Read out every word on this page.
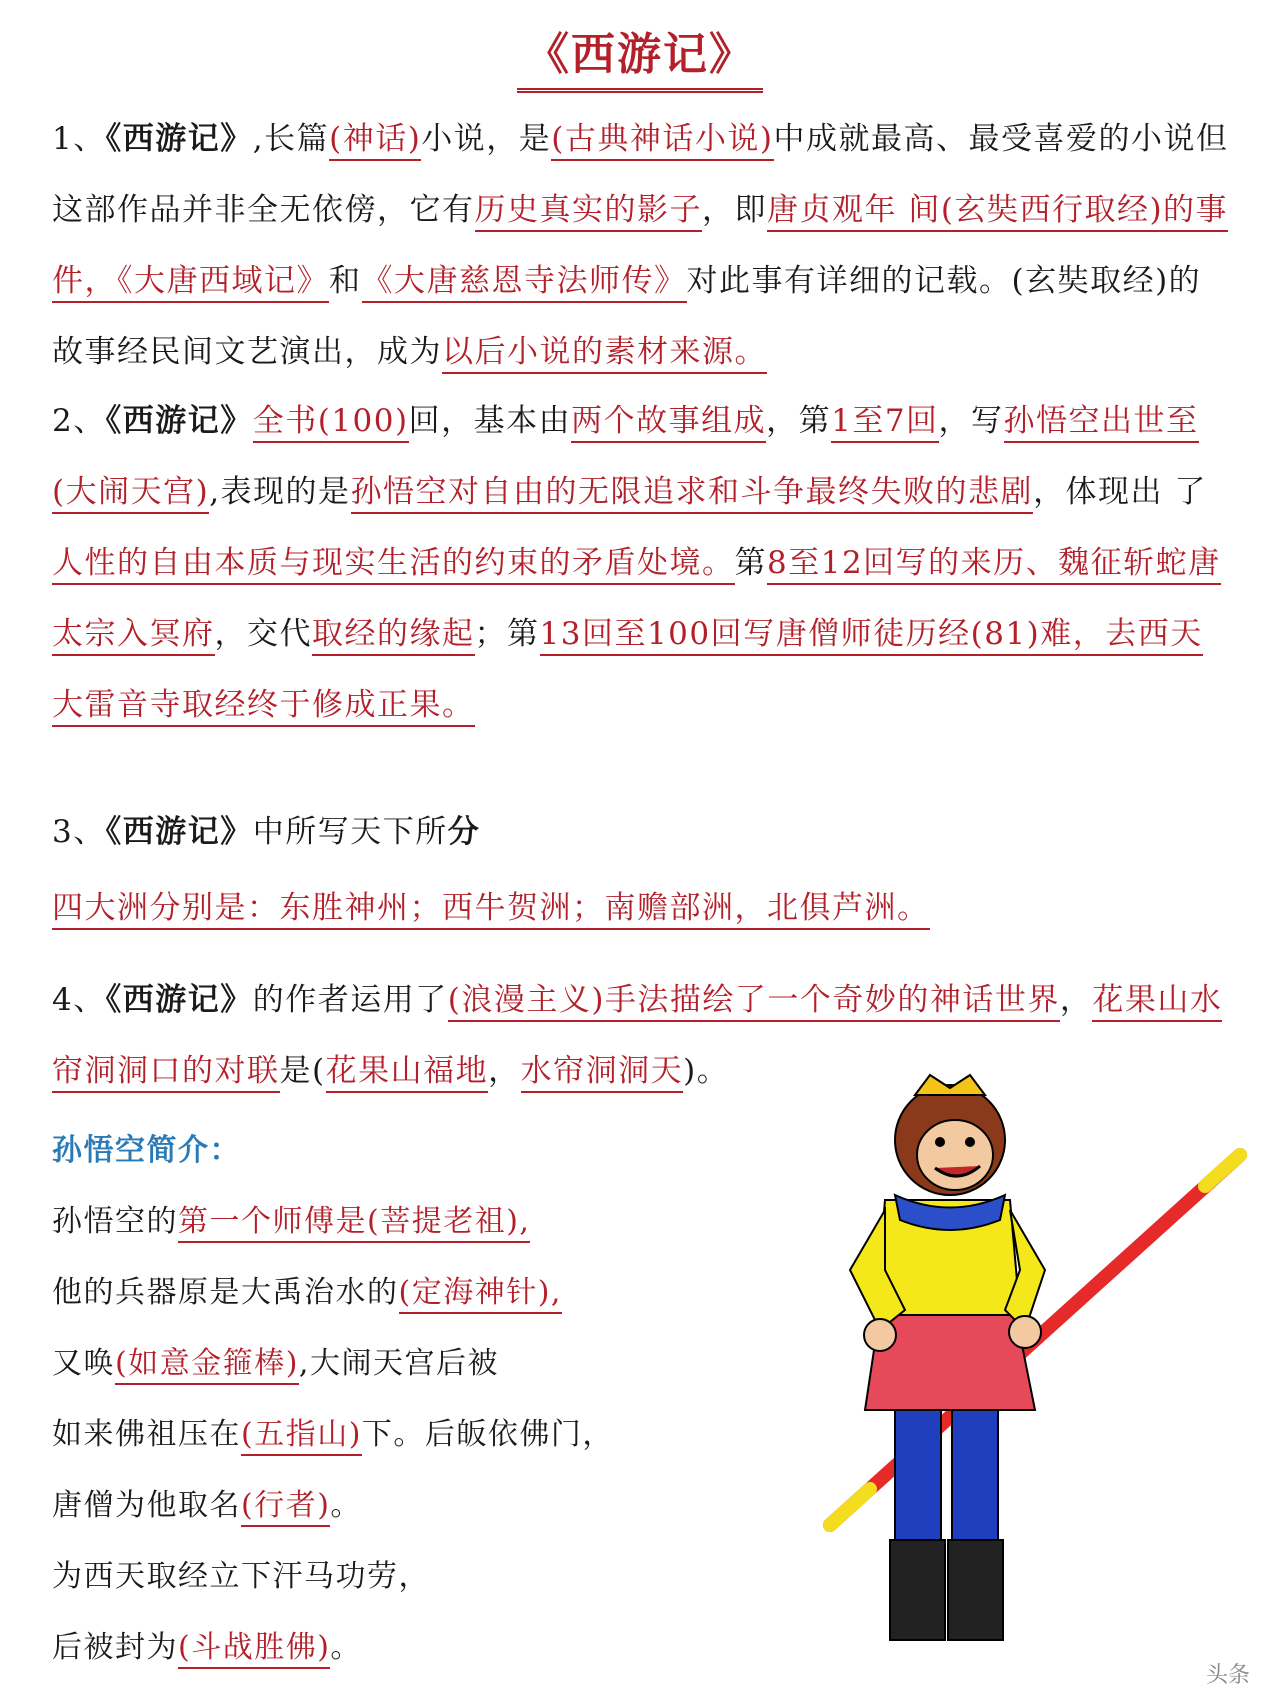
《西游记》
1、《西游记》,长篇(神话)小说，是(古典神话小说)中成就最高、最受喜爱的小说但这部作品并非全无依傍，它有历史真实的影子，即唐贞观年 间(玄奘西行取经)的事件，《大唐西域记》和《大唐慈恩寺法师传》对此事有详细的记载。(玄奘取经)的故事经民间文艺演出，成为以后小说的素材来源。
2、《西游记》全书(100)回，基本由两个故事组成，第1至7回，写孙悟空出世至(大闹天宫),表现的是孙悟空对自由的无限追求和斗争最终失败的悲剧，体现出 了人性的自由本质与现实生活的约束的矛盾处境。第8至12回写的来历、魏征斩蛇唐太宗入冥府，交代取经的缘起；第13回至100回写唐僧师徒历经(81)难，去西天大雷音寺取经终于修成正果。
3、《西游记》中所写天下所分
四大洲分别是：东胜神州；西牛贺洲；南赡部洲，北俱芦洲。
4、《西游记》的作者运用了(浪漫主义)手法描绘了一个奇妙的神话世界，花果山水帘洞洞口的对联是(花果山福地，水帘洞洞天)。
孙悟空简介：
孙悟空的第一个师傅是(菩提老祖),
他的兵器原是大禹治水的(定海神针),
又唤(如意金箍棒),大闹天宫后被
如来佛祖压在(五指山)下。后皈依佛门，
唐僧为他取名(行者)。
为西天取经立下汗马功劳，
后被封为(斗战胜佛)。
头条
